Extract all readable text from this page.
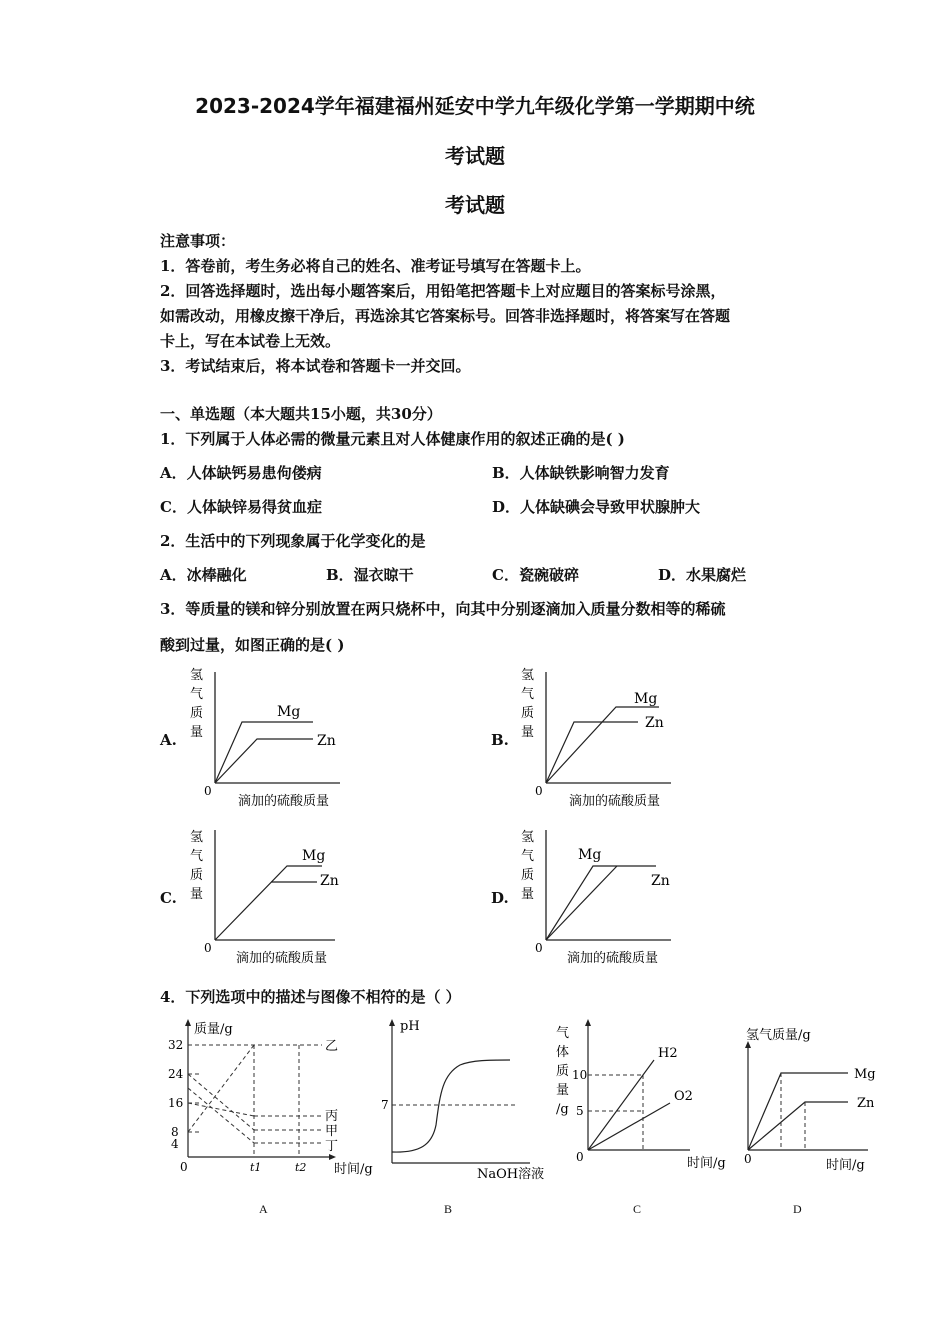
2023-2024学年福建福州延安中学九年级化学第一学期期中统
考试题
考试题
注意事项：
1．答卷前，考生务必将自己的姓名、准考证号填写在答题卡上。
2．回答选择题时，选出每小题答案后，用铅笔把答题卡上对应题目的答案标号涂黑，
如需改动，用橡皮擦干净后，再选涂其它答案标号。回答非选择题时，将答案写在答题
卡上，写在本试卷上无效。
3．考试结束后，将本试卷和答题卡一并交回。
一、单选题（本大题共15小题，共30分）
1．下列属于人体必需的微量元素且对人体健康作用的叙述正确的是( )
A．人体缺钙易患佝偻病	B．人体缺铁影响智力发育
C．人体缺锌易得贫血症	D．人体缺碘会导致甲状腺肿大
2．生活中的下列现象属于化学变化的是
A．冰棒融化	B．湿衣晾干	C．瓷碗破碎	D．水果腐烂
3．等质量的镁和锌分别放置在两只烧杯中，向其中分别逐滴加入质量分数相等的稀硫
酸到过量，如图正确的是( )
A.	B.
C.	D.
氢
气
质
量
0
Mg
Zn
滴加的硫酸质量
氢
气
质
量
0
Mg
Zn
滴加的硫酸质量
氢
气
质
量
0
Mg
Zn
滴加的硫酸质量
氢
气
质
量
0
Mg
Zn
滴加的硫酸质量
4．下列选项中的描述与图像不相符的是（ ）
质量/g
32
24
16
8
4
0	t1	t2 时间/g
乙
丙
甲
丁
A
pH
7
NaOH溶液
B
气
体
质
量
/g
10
5
0
H2
O2
时间/g
C
氢气质量/g
0
Mg
Zn
时间/g
D
